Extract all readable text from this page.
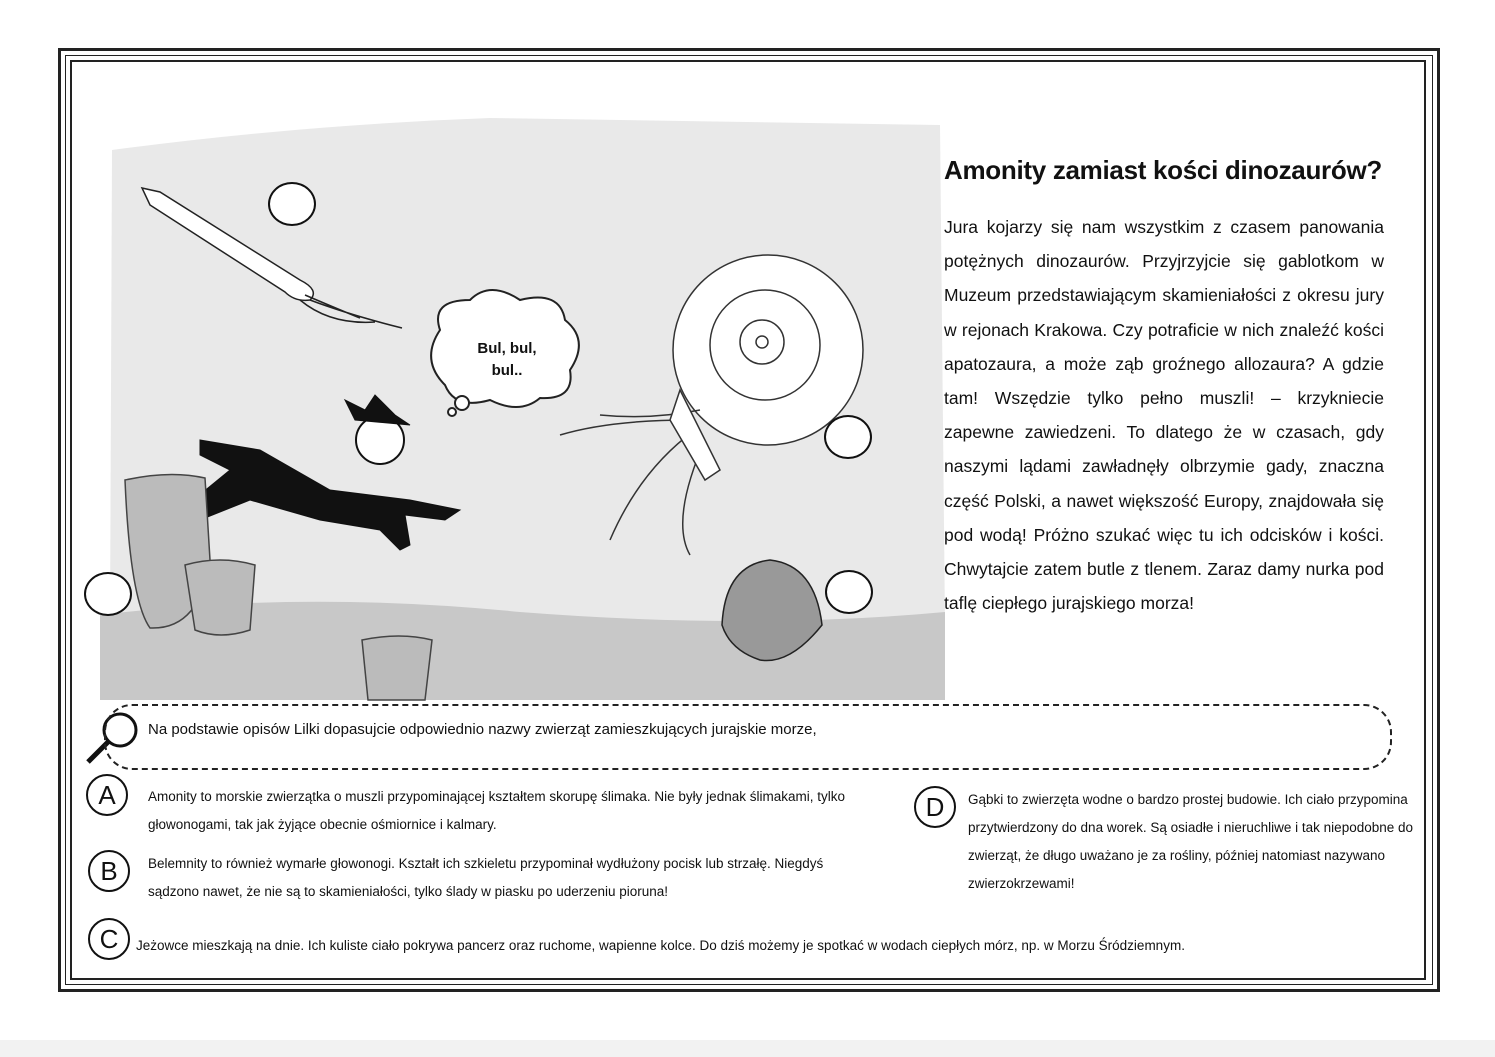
Bul, bul, bul..
Amonity zamiast kości dinozaurów?
Jura kojarzy się nam wszystkim z czasem panowania potężnych dinozaurów. Przyjrzyjcie się gablotkom w Muzeum przedstawiającym skamieniałości z okresu jury w rejonach Krakowa. Czy potraficie w nich znaleźć kości apatozaura, a może ząb groźnego allozaura? A gdzie tam! Wszędzie tylko pełno muszli! – krzykniecie zapewne zawiedzeni. To dlatego że w czasach, gdy naszymi lądami zawładnęły olbrzymie gady, znaczna część Polski, a nawet większość Europy, znajdowała się pod wodą! Próżno szukać więc tu ich odcisków i kości. Chwytajcie zatem butle z tlenem. Zaraz damy nurka pod taflę ciepłego jurajskiego morza!
Na podstawie opisów Lilki dopasujcie odpowiednio nazwy zwierząt zamieszkujących jurajskie morze,
A	Amonity to morskie zwierzątka o muszli przypominającej kształtem skorupę ślimaka. Nie były jednak ślimakami, tylko głowonogami, tak jak żyjące obecnie ośmiornice i kalmary.
B	Belemnity to również wymarłe głowonogi. Kształt ich szkieletu przypominał wydłużony pocisk lub strzałę. Niegdyś sądzono nawet, że nie są to skamieniałości, tylko ślady w piasku po uderzeniu pioruna!
C	Jeżowce mieszkają na dnie. Ich kuliste ciało pokrywa pancerz oraz ruchome, wapienne kolce. Do dziś możemy je spotkać w wodach ciepłych mórz, np. w Morzu Śródziemnym.
D	Gąbki to zwierzęta wodne o bardzo prostej budowie. Ich ciało przypomina przytwierdzony do dna worek. Są osiadłe i nieruchliwe i tak niepodobne do zwierząt, że długo uważano je za rośliny, później natomiast nazywano zwierzokrzewami!
